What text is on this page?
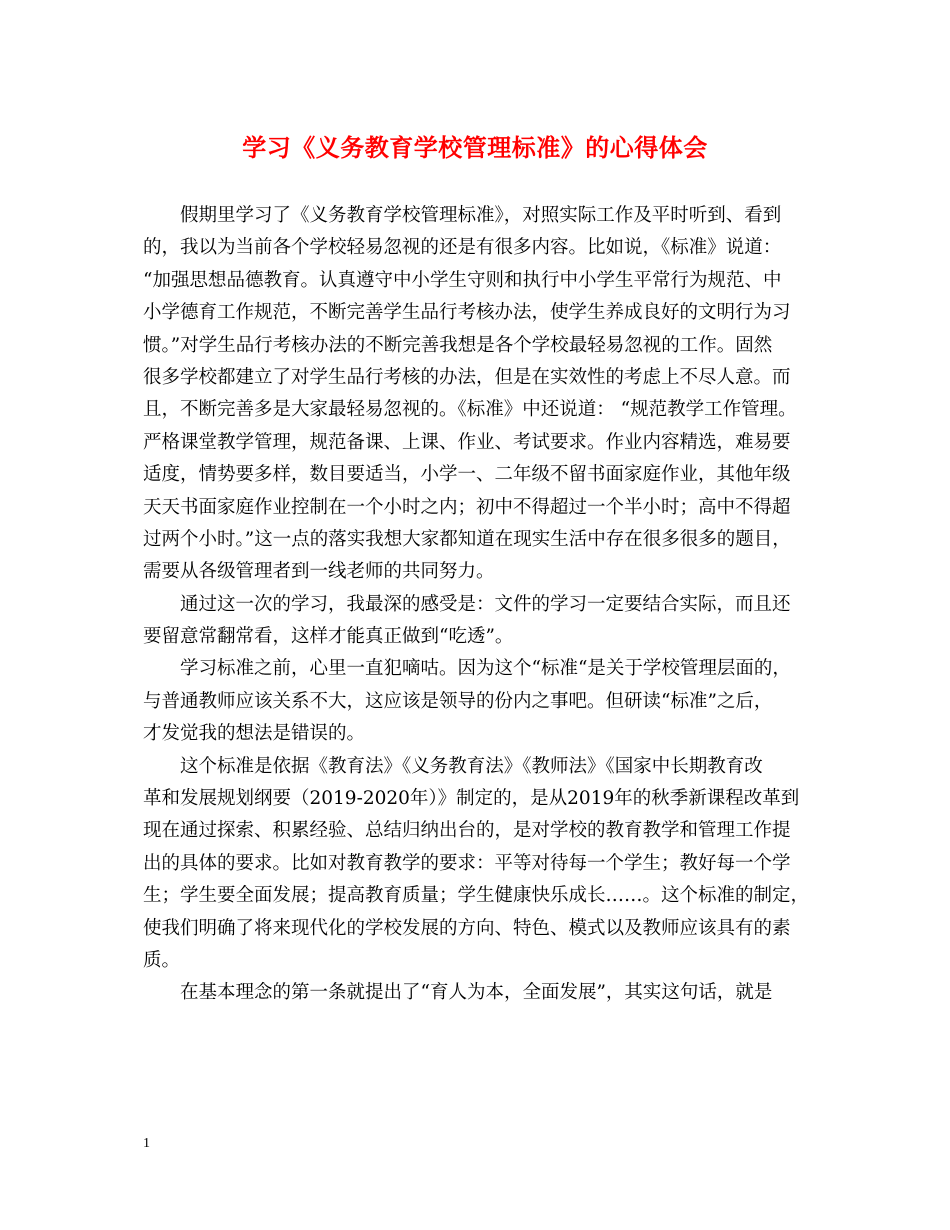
学习《义务教育学校管理标准》的心得体会
假期里学习了《义务教育学校管理标准》，对照实际工作及平时听到、看到
的，我以为当前各个学校轻易忽视的还是有很多内容。比如说，《标准》说道：
“加强思想品德教育。认真遵守中小学生守则和执行中小学生平常行为规范、中
小学德育工作规范，不断完善学生品行考核办法，使学生养成良好的文明行为习
惯。”对学生品行考核办法的不断完善我想是各个学校最轻易忽视的工作。固然
很多学校都建立了对学生品行考核的办法，但是在实效性的考虑上不尽人意。而
且，不断完善多是大家最轻易忽视的。《标准》中还说道： “规范教学工作管理。
严格课堂教学管理，规范备课、上课、作业、考试要求。作业内容精选，难易要
适度，情势要多样，数目要适当，小学一、二年级不留书面家庭作业，其他年级
天天书面家庭作业控制在一个小时之内；初中不得超过一个半小时；高中不得超
过两个小时。”这一点的落实我想大家都知道在现实生活中存在很多很多的题目，
需要从各级管理者到一线老师的共同努力。
通过这一次的学习，我最深的感受是：文件的学习一定要结合实际，而且还
要留意常翻常看，这样才能真正做到“吃透”。
学习标准之前，心里一直犯嘀咕。因为这个“标准“是关于学校管理层面的，
与普通教师应该关系不大，这应该是领导的份内之事吧。但研读“标准”之后，
才发觉我的想法是错误的。
这个标准是依据《教育法》《义务教育法》《教师法》《国家中长期教育改
革和发展规划纲要（2019-2020年）》制定的，是从2019年的秋季新课程改革到
现在通过探索、积累经验、总结归纳出台的，是对学校的教育教学和管理工作提
出的具体的要求。比如对教育教学的要求：平等对待每一个学生；教好每一个学
生；学生要全面发展；提高教育质量；学生健康快乐成长……。这个标准的制定，
使我们明确了将来现代化的学校发展的方向、特色、模式以及教师应该具有的素
质。
在基本理念的第一条就提出了“育人为本，全面发展”，其实这句话，就是
1
